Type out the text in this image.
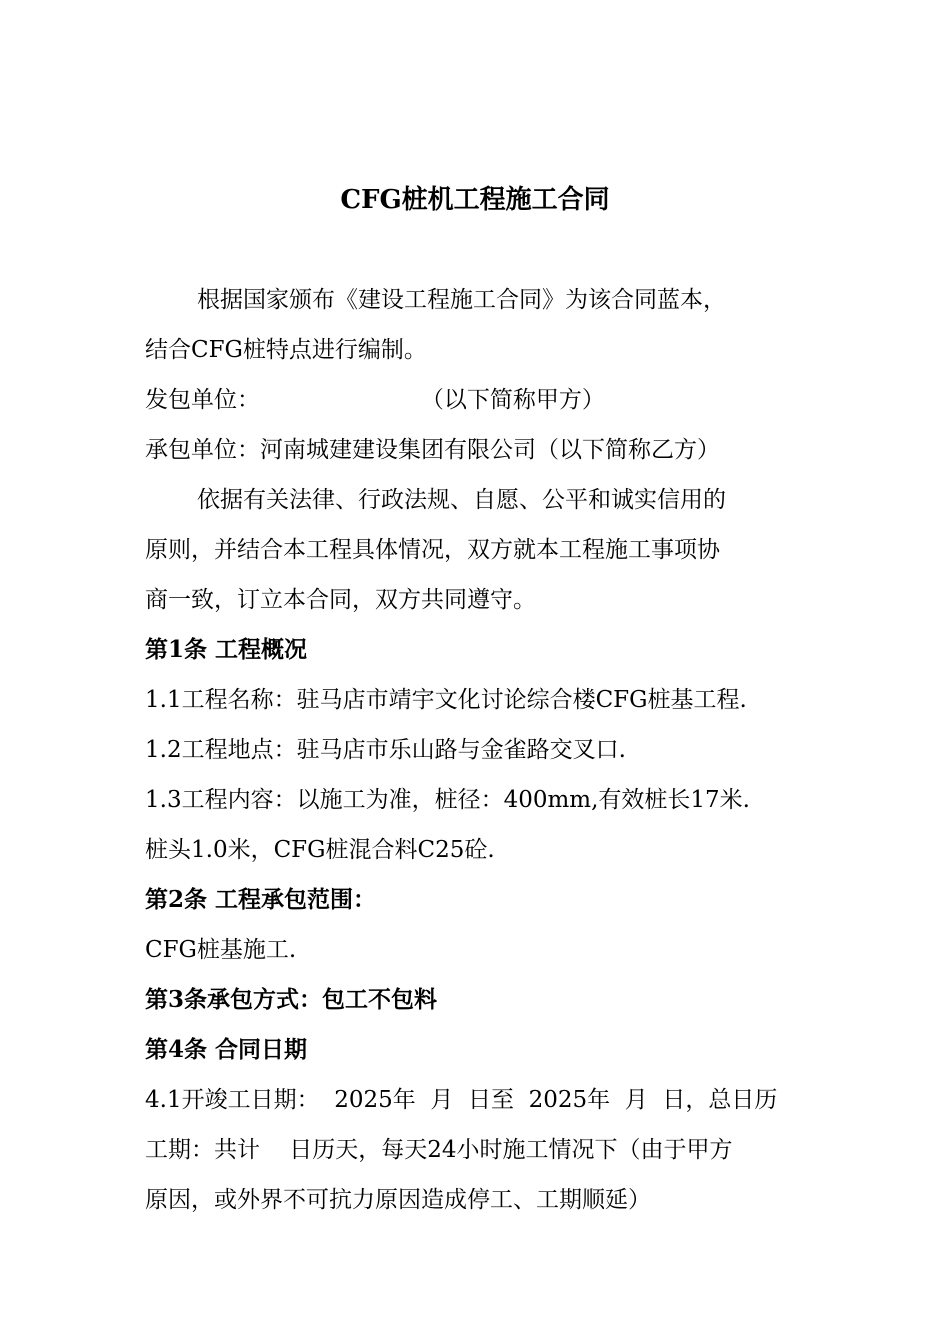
CFG桩机工程施工合同
根据国家颁布《建设工程施工合同》为该合同蓝本，
结合CFG桩特点进行编制。
发包单位：                      （以下简称甲方）
承包单位：河南城建建设集团有限公司（以下简称乙方）
依据有关法律、行政法规、自愿、公平和诚实信用的
原则，并结合本工程具体情况，双方就本工程施工事项协
商一致，订立本合同，双方共同遵守。
第1条 工程概况
1.1工程名称：驻马店市靖宇文化讨论综合楼CFG桩基工程.
1.2工程地点：驻马店市乐山路与金雀路交叉口.
1.3工程内容：以施工为准，桩径：400mm,有效桩长17米.
桩头1.0米，CFG桩混合料C25砼.
第2条 工程承包范围：
CFG桩基施工.
第3条承包方式：包工不包料
第4条 合同日期
4.1开竣工日期：  2025年  月  日至  2025年  月  日，总日历
工期：共计    日历天，每天24小时施工情况下（由于甲方
原因，或外界不可抗力原因造成停工、工期顺延）
